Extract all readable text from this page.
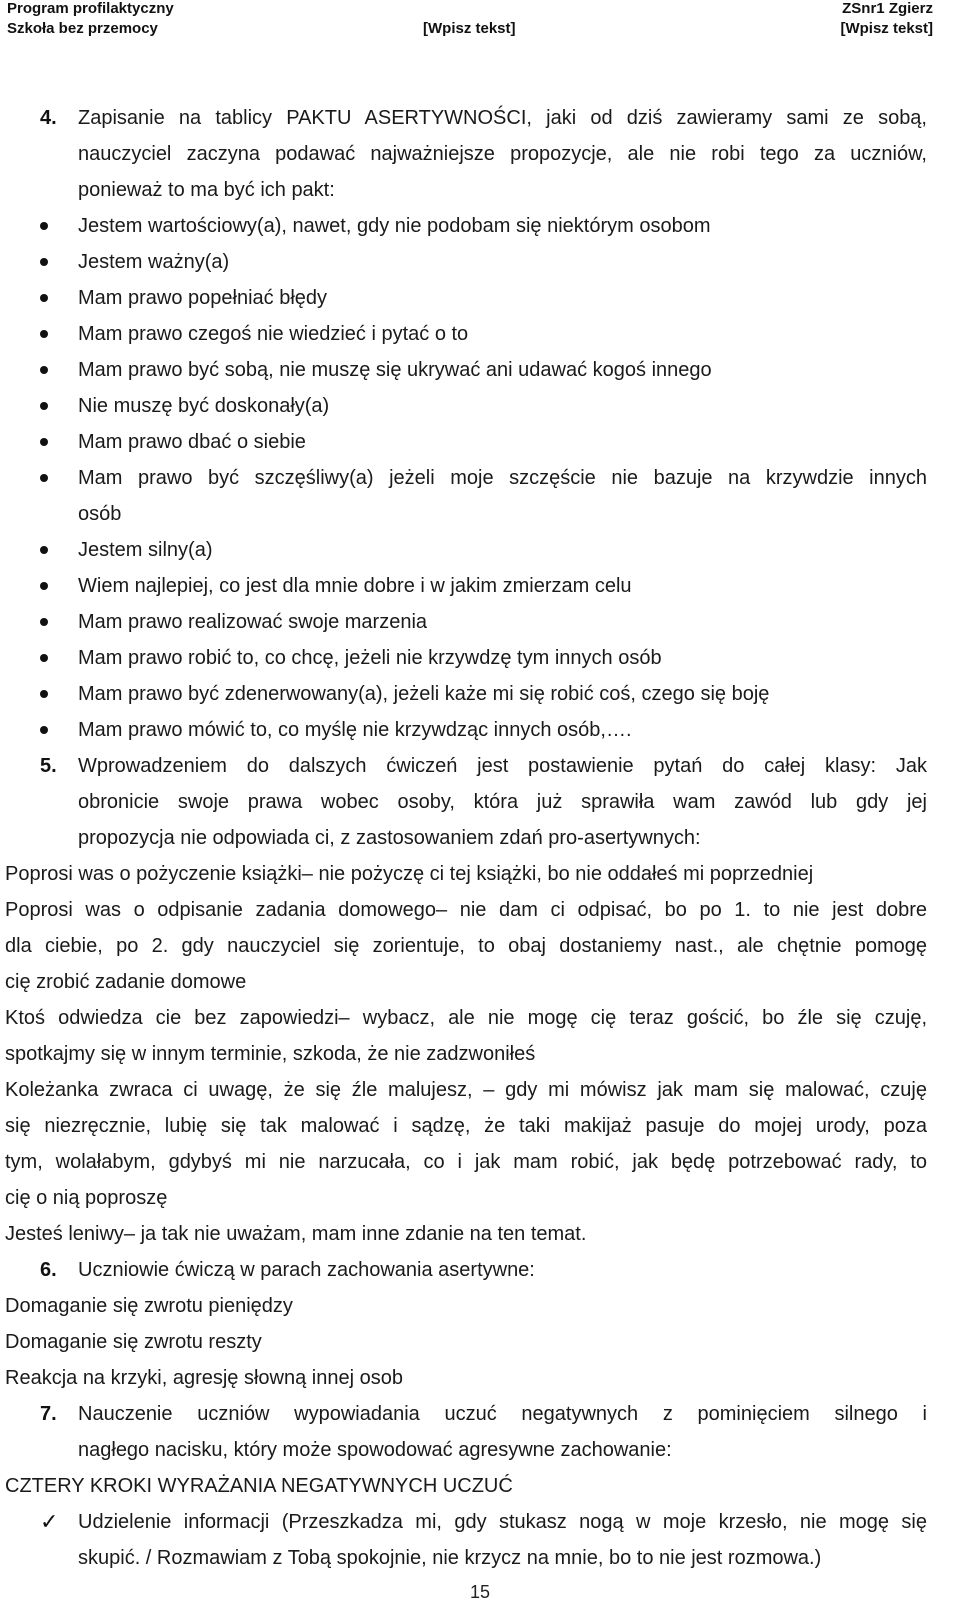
Program profilaktyczny
Szkoła bez przemocy	[Wpisz tekst]
ZSnr1 Zgierz
[Wpisz tekst]
4. Zapisanie na tablicy PAKTU ASERTYWNOŚCI, jaki od dziś zawieramy sami ze sobą,
nauczyciel zaczyna podawać najważniejsze propozycje, ale nie robi tego za uczniów,
ponieważ to ma być ich pakt:
Jestem wartościowy(a), nawet, gdy nie podobam się niektórym osobom
Jestem ważny(a)
Mam prawo popełniać błędy
Mam prawo czegoś nie wiedzieć i pytać o to
Mam prawo być sobą, nie muszę się ukrywać ani udawać kogoś innego
Nie muszę być doskonały(a)
Mam prawo dbać o siebie
Mam prawo być szczęśliwy(a) jeżeli moje szczęście nie bazuje na krzywdzie innych
osób
Jestem silny(a)
Wiem najlepiej, co jest dla mnie dobre i w jakim zmierzam celu
Mam prawo realizować swoje marzenia
Mam prawo robić to, co chcę, jeżeli nie krzywdzę tym innych osób
Mam prawo być zdenerwowany(a), jeżeli każe mi się robić coś, czego się boję
Mam prawo mówić to, co myślę nie krzywdząc innych osób,….
5. Wprowadzeniem do dalszych ćwiczeń jest postawienie pytań do całej klasy: Jak
obronicie swoje prawa wobec osoby, która już sprawiła wam zawód lub gdy jej
propozycja nie odpowiada ci, z zastosowaniem zdań pro-asertywnych:
Poprosi was o pożyczenie książki– nie pożyczę ci tej książki, bo nie oddałeś mi poprzedniej
Poprosi was o odpisanie zadania domowego– nie dam ci odpisać, bo po 1. to nie jest dobre
dla ciebie, po 2. gdy nauczyciel się zorientuje, to obaj dostaniemy nast., ale chętnie pomogę
cię zrobić zadanie domowe
Ktoś odwiedza cie bez zapowiedzi– wybacz, ale nie mogę cię teraz gościć, bo źle się czuję,
spotkajmy się w innym terminie, szkoda, że nie zadzwoniłeś
Koleżanka zwraca ci uwagę, że się źle malujesz, – gdy mi mówisz jak mam się malować, czuję
się niezręcznie, lubię się tak malować i sądzę, że taki makijaż pasuje do mojej urody, poza
tym, wolałabym, gdybyś mi nie narzucała, co i jak mam robić, jak będę potrzebować rady, to
cię o nią poproszę
Jesteś leniwy– ja tak nie uważam, mam inne zdanie na ten temat.
6. Uczniowie ćwiczą w parach zachowania asertywne:
Domaganie się zwrotu pieniędzy
Domaganie się zwrotu reszty
Reakcja na krzyki, agresję słowną innej osob
7. Nauczenie uczniów wypowiadania uczuć negatywnych z pominięciem silnego i
nagłego nacisku, który może spowodować agresywne zachowanie:
CZTERY KROKI WYRAŻANIA NEGATYWNYCH UCZUĆ
✓ Udzielenie informacji (Przeszkadza mi, gdy stukasz nogą w moje krzesło, nie mogę się
skupić. / Rozmawiam z Tobą spokojnie, nie krzycz na mnie, bo to nie jest rozmowa.)
15
